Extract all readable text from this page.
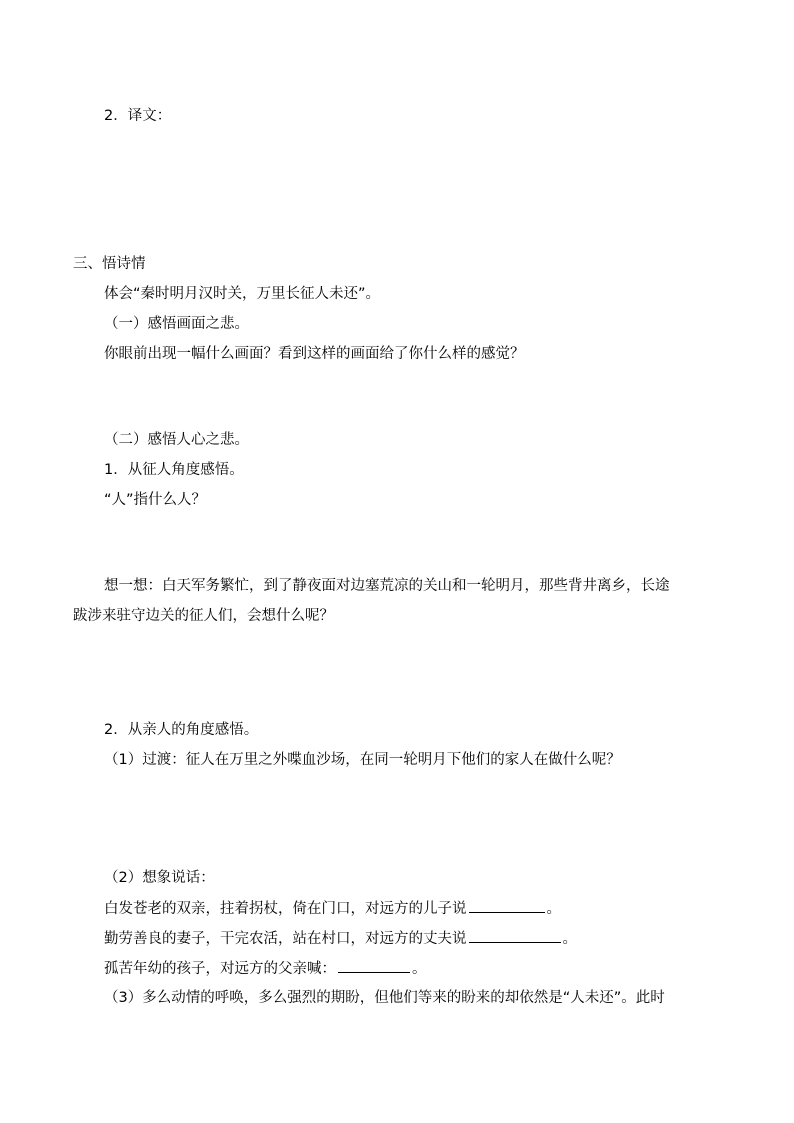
2．译文：
三、悟诗情
体会“秦时明月汉时关，万里长征人未还”。
（一）感悟画面之悲。
你眼前出现一幅什么画面？看到这样的画面给了你什么样的感觉？
（二）感悟人心之悲。
1．从征人角度感悟。
“人”指什么人？
想一想：白天军务繁忙，到了静夜面对边塞荒凉的关山和一轮明月，那些背井离乡，长途
跋涉来驻守边关的征人们，会想什么呢？
2．从亲人的角度感悟。
（1）过渡：征人在万里之外喋血沙场，在同一轮明月下他们的家人在做什么呢？
（2）想象说话：
白发苍老的双亲，拄着拐杖，倚在门口，对远方的儿子说	。
勤劳善良的妻子，干完农活，站在村口，对远方的丈夫说	。
孤苦年幼的孩子，对远方的父亲喊：	。
（3）多么动情的呼唤，多么强烈的期盼，但他们等来的盼来的却依然是“人未还”。此时
